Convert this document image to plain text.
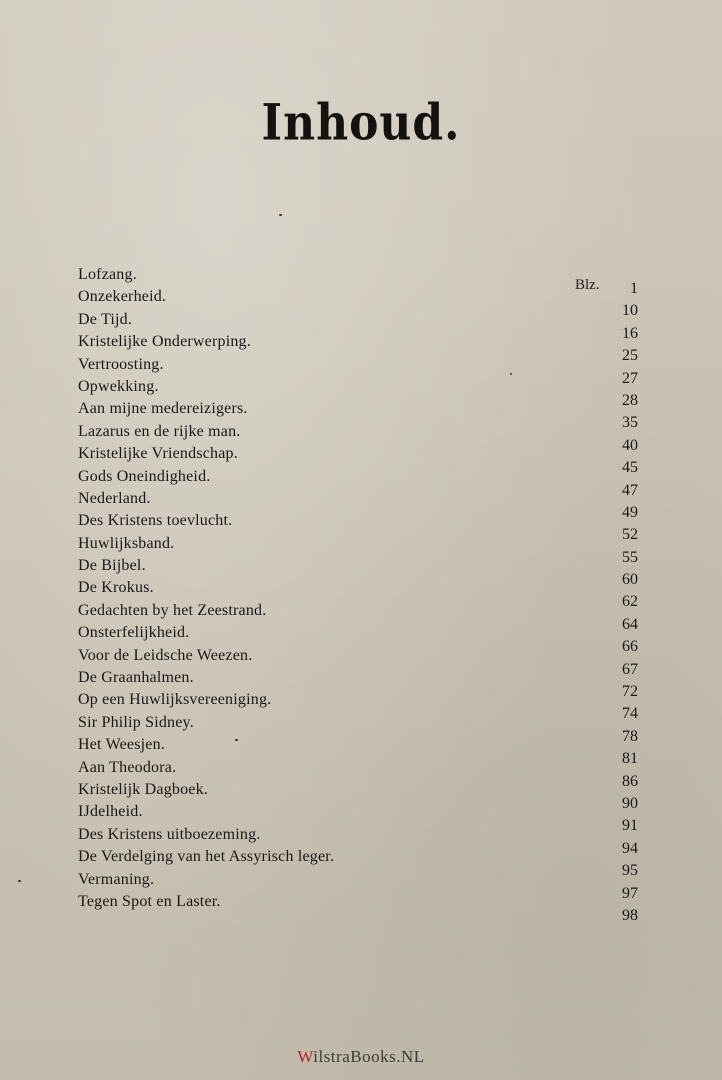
Inhoud.
Blz.
Lofzang.
1
Onzekerheid.
10
De Tijd.
16
Kristelijke Onderwerping.
25
Vertroosting.
27
Opwekking.
28
Aan mijne medereizigers.
35
Lazarus en de rijke man.
40
Kristelijke Vriendschap.
45
Gods Oneindigheid.
47
Nederland.
49
Des Kristens toevlucht.
52
Huwlijksband.
55
De Bijbel.
60
De Krokus.
62
Gedachten by het Zeestrand.
64
Onsterfelijkheid.
66
Voor de Leidsche Weezen.
67
De Graanhalmen.
72
Op een Huwlijksvereeniging.
74
Sir Philip Sidney.
78
Het Weesjen.
81
Aan Theodora.
86
Kristelijk Dagboek.
90
IJdelheid.
91
Des Kristens uitboezeming.
94
De Verdelging van het Assyrisch leger.
95
Vermaning.
97
Tegen Spot en Laster.
98
WilstraBooks.NL
